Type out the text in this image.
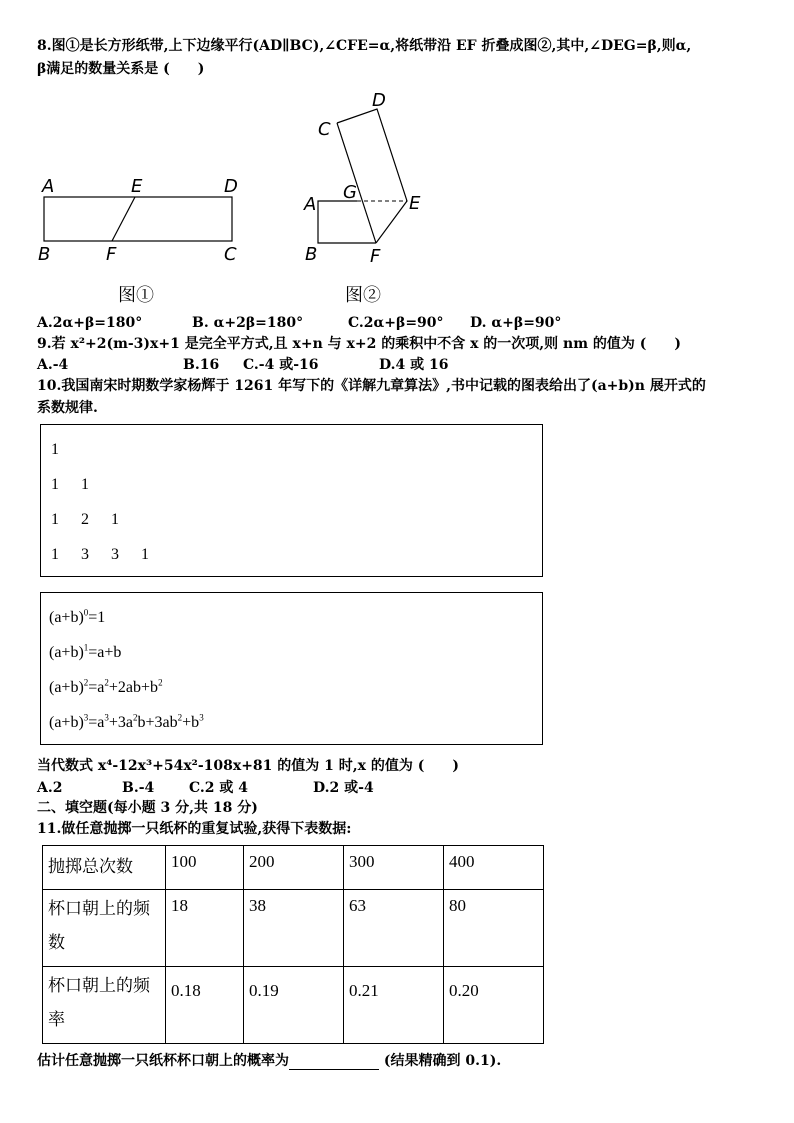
8.图①是长方形纸带,上下边缘平行(AD∥BC),∠CFE=α,将纸带沿 EF 折叠成图②,其中,∠DEG=β,则α,
β满足的数量关系是 (　　)
A	E	D
B	F	C
图①
C
D
G
A	E
B	F
图②
A.2α+β=180°	B. α+2β=180°	C.2α+β=90° D. α+β=90°
9.若 x²+2(m-3)x+1 是完全平方式,且 x+n 与 x+2 的乘积中不含 x 的一次项,则 nm 的值为 (　　)
A.-4	B.16 C.-4 或-16	D.4 或 16
10.我国南宋时期数学家杨辉于 1261 年写下的《详解九章算法》,书中记载的图表给出了(a+b)n 展开式的
系数规律.
1
1 1
1 2 1
1 3 3 1
$(a+b)^0=1$
$(a+b)^1=a+b$
$(a+b)^2=a^2+2ab+b^2$
$(a+b)^3=a^3+3a^2b+3ab^2+b^3$
当代数式 x⁴-12x³+54x²-108x+81 的值为 1 时,x 的值为 (　　)
A.2	B.-4 C.2 或 4	D.2 或-4
二、填空题(每小题 3 分,共 18 分)
11.做任意抛掷一只纸杯的重复试验,获得下表数据:
抛掷总次数	100	200	300	400
杯口朝上的频数	18	38	63	80
杯口朝上的频率	0.18	0.19	0.21	0.20
估计任意抛掷一只纸杯杯口朝上的概率为	(结果精确到 0.1).
